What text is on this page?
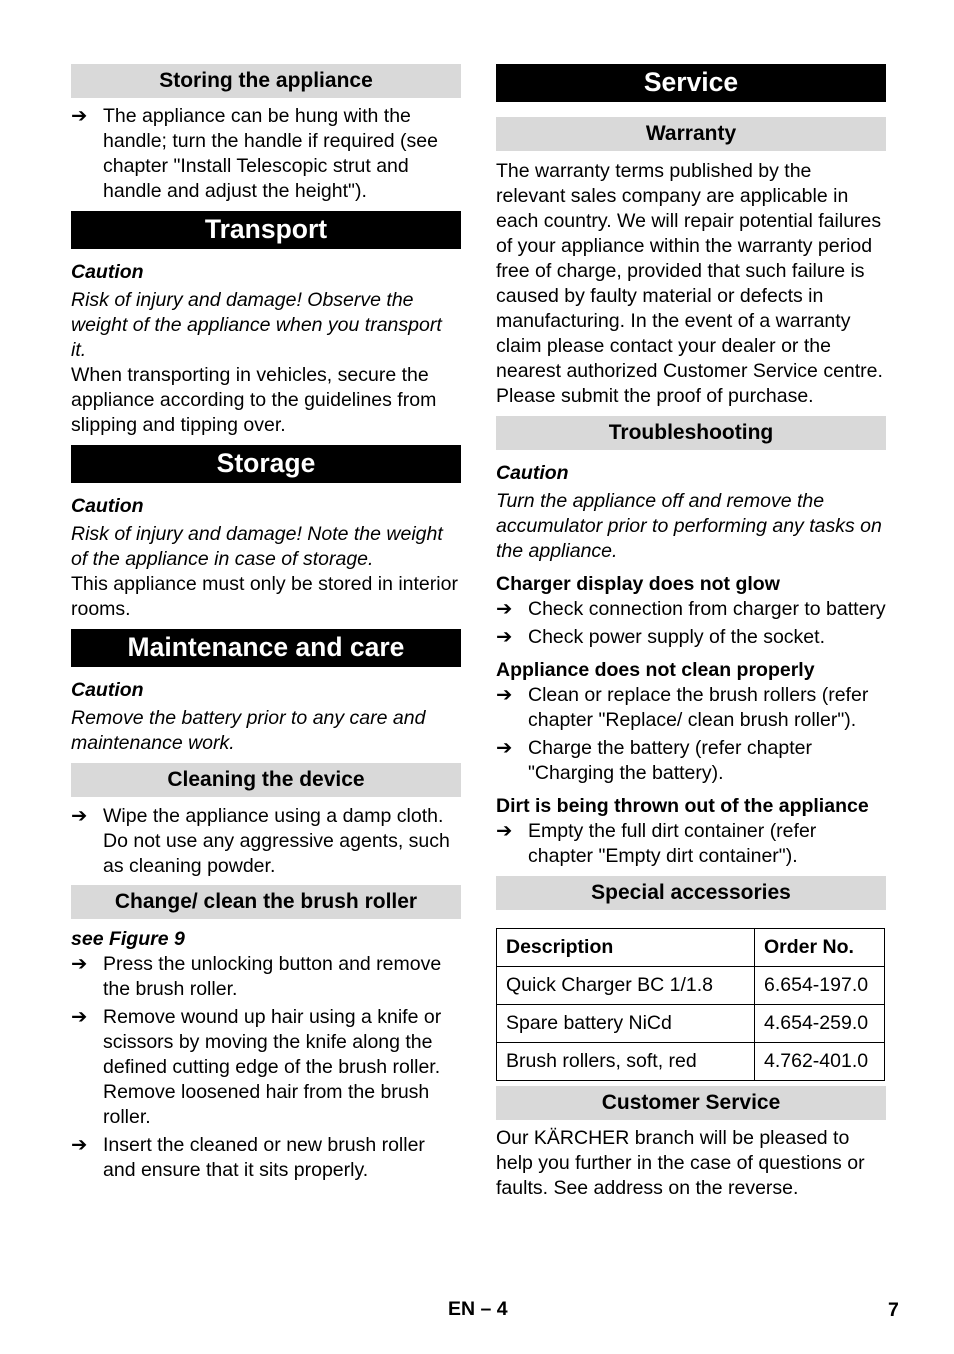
Storing the appliance
➔ The appliance can be hung with the handle; turn the handle if required (see chapter "Install Telescopic strut and handle and adjust the height").
Transport
Caution
Risk of injury and damage! Observe the weight of the appliance when you transport it.
When transporting in vehicles, secure the appliance according to the guidelines from slipping and tipping over.
Storage
Caution
Risk of injury and damage! Note the weight of the appliance in case of storage.
This appliance must only be stored in interior rooms.
Maintenance and care
Caution
Remove the battery prior to any care and maintenance work.
Cleaning the device
➔ Wipe the appliance using a damp cloth. Do not use any aggressive agents, such as cleaning powder.
Change/ clean the brush roller
see Figure 9
➔ Press the unlocking button and remove the brush roller.
➔ Remove wound up hair using a knife or scissors by moving the knife along the defined cutting edge of the brush roller. Remove loosened hair from the brush roller.
➔ Insert the cleaned or new brush roller and ensure that it sits properly.
Service
Warranty
The warranty terms published by the relevant sales company are applicable in each country. We will repair potential failures of your appliance within the warranty period free of charge, provided that such failure is caused by faulty material or defects in manufacturing. In the event of a warranty claim please contact your dealer or the nearest authorized Customer Service centre. Please submit the proof of purchase.
Troubleshooting
Caution
Turn the appliance off and remove the accumulator prior to performing any tasks on the appliance.
Charger display does not glow
➔ Check connection from charger to battery
➔ Check power supply of the socket.
Appliance does not clean properly
➔ Clean or replace the brush rollers (refer chapter "Replace/ clean brush roller").
➔ Charge the battery (refer chapter "Charging the battery).
Dirt is being thrown out of the appliance
➔ Empty the full dirt container (refer chapter "Empty dirt container").
Special accessories
Description	Order No.
Quick Charger BC 1/1.8	6.654-197.0
Spare battery NiCd	4.654-259.0
Brush rollers, soft, red	4.762-401.0
Customer Service
Our KÄRCHER branch will be pleased to help you further in the case of questions or faults. See address on the reverse.
EN – 4	7
